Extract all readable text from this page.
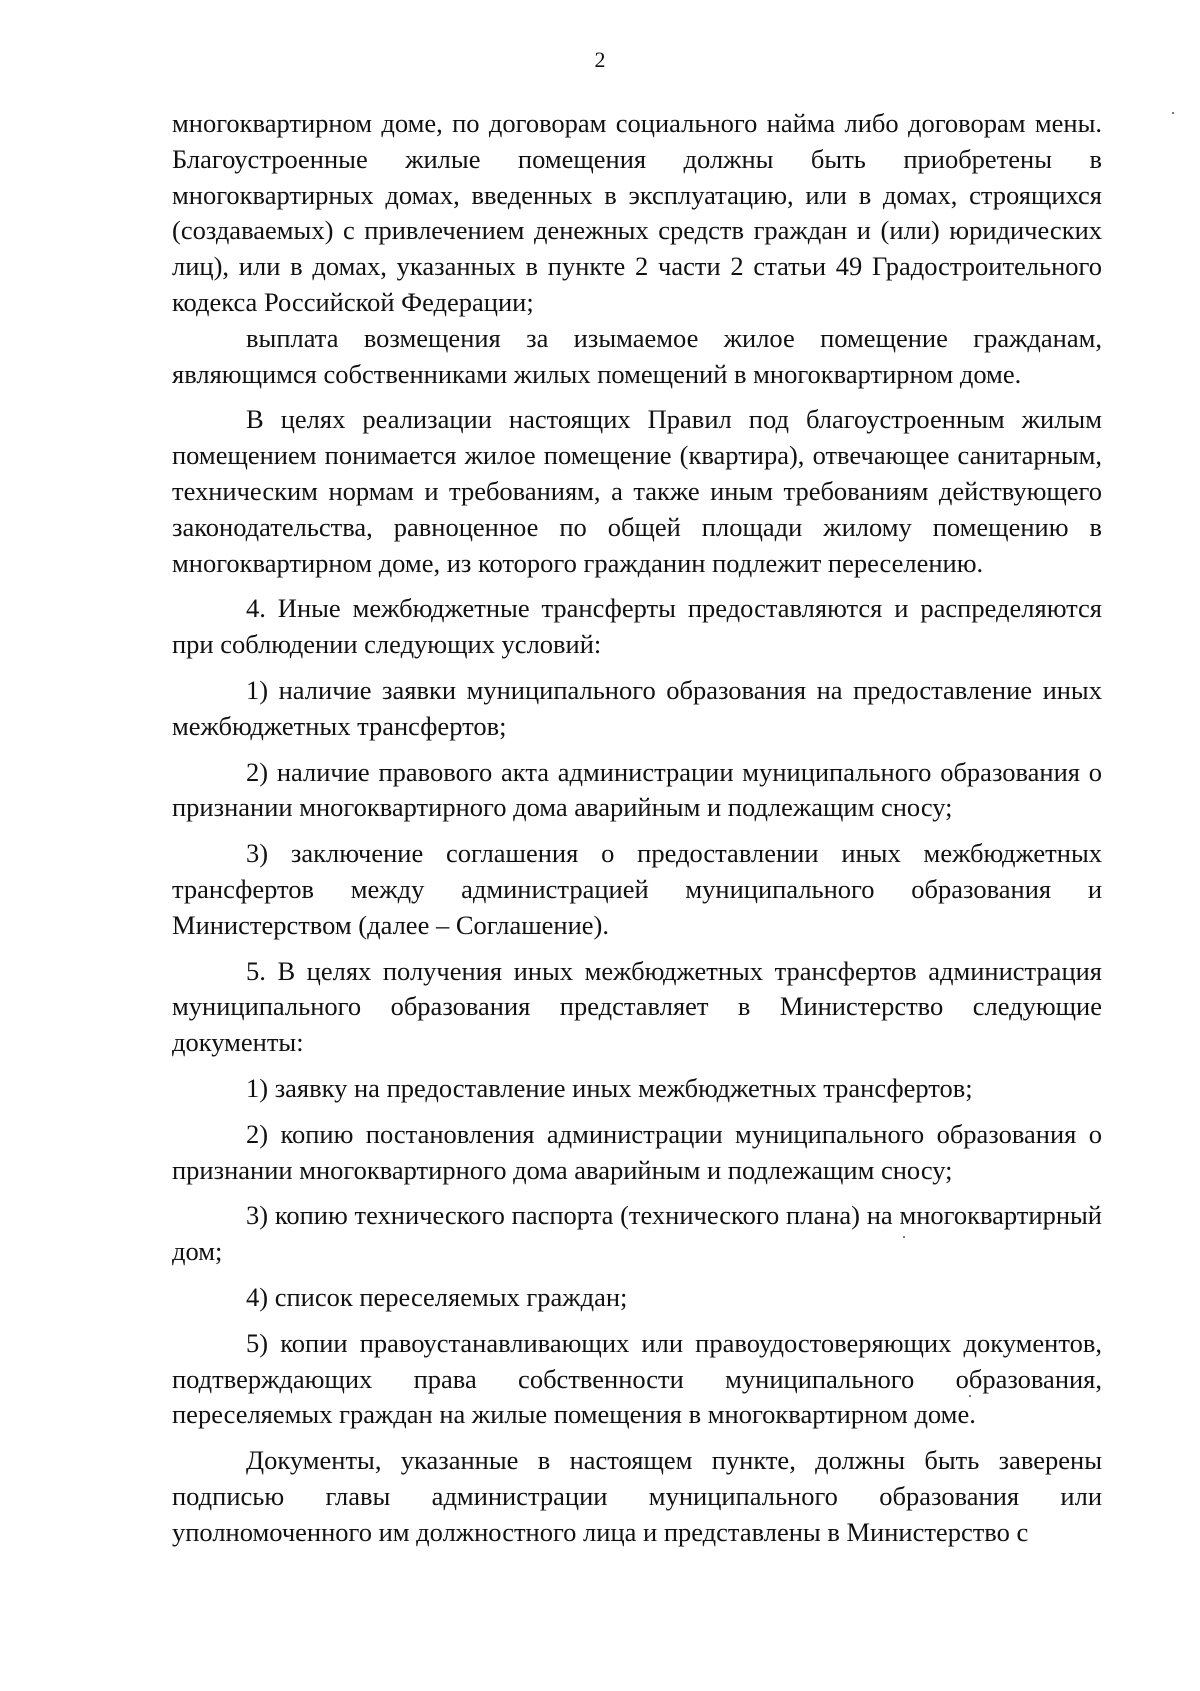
2

многоквартирном доме, по договорам социального найма либо договорам мены. Благоустроенные жилые помещения должны быть приобретены в многоквартирных домах, введенных в эксплуатацию, или в домах, строящихся (создаваемых) с привлечением денежных средств граждан и (или) юридических лиц), или в домах, указанных в пункте 2 части 2 статьи 49 Градостроительного кодекса Российской Федерации;

выплата возмещения за изымаемое жилое помещение гражданам, являющимся собственниками жилых помещений в многоквартирном доме.

В целях реализации настоящих Правил под благоустроенным жилым помещением понимается жилое помещение (квартира), отвечающее санитарным, техническим нормам и требованиям, а также иным требованиям действующего законодательства, равноценное по общей площади жилому помещению в многоквартирном доме, из которого гражданин подлежит переселению.

4. Иные межбюджетные трансферты предоставляются и распределяются при соблюдении следующих условий:

1) наличие заявки муниципального образования на предоставление иных межбюджетных трансфертов;

2) наличие правового акта администрации муниципального образования о признании многоквартирного дома аварийным и подлежащим сносу;

3) заключение соглашения о предоставлении иных межбюджетных трансфертов между администрацией муниципального образования и Министерством (далее – Соглашение).

5. В целях получения иных межбюджетных трансфертов администрация муниципального образования представляет в Министерство следующие документы:

1) заявку на предоставление иных межбюджетных трансфертов;

2) копию постановления администрации муниципального образования о признании многоквартирного дома аварийным и подлежащим сносу;

3) копию технического паспорта (технического плана) на многоквартирный дом;

4) список переселяемых граждан;

5) копии правоустанавливающих или правоудостоверяющих документов, подтверждающих права собственности муниципального образования, переселяемых граждан на жилые помещения в многоквартирном доме.

Документы, указанные в настоящем пункте, должны быть заверены подписью главы администрации муниципального образования или уполномоченного им должностного лица и представлены в Министерство с
